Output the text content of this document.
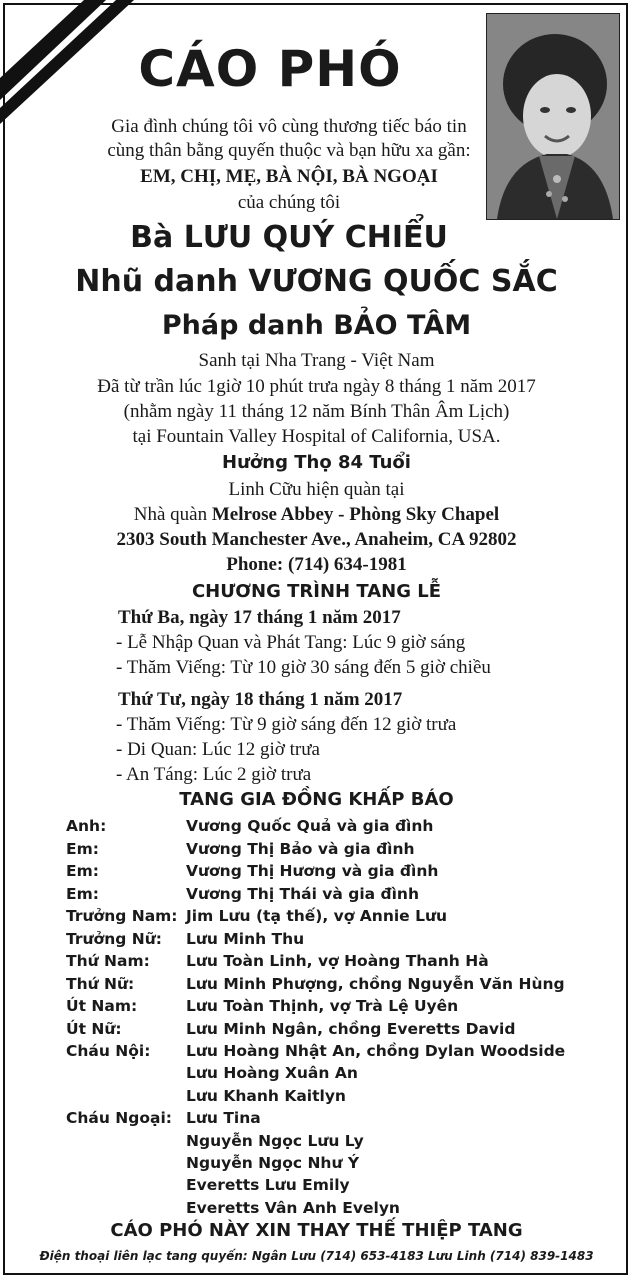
CÁO PHÓ
Gia đình chúng tôi vô cùng thương tiếc báo tin
cùng thân bằng quyến thuộc và bạn hữu xa gần:
EM, CHỊ, MẸ, BÀ NỘI, BÀ NGOẠI
của chúng tôi
Bà LƯU QUÝ CHIỂU
Nhũ danh VƯƠNG QUỐC SẮC
Pháp danh BẢO TÂM
Sanh tại Nha Trang - Việt Nam
Đã từ trần lúc 1giờ 10 phút trưa ngày 8 tháng 1 năm 2017
(nhằm ngày 11 tháng 12 năm Bính Thân Âm Lịch)
tại Fountain Valley Hospital of California, USA.
Hưởng Thọ 84 Tuổi
Linh Cữu hiện quàn tại
Nhà quàn Melrose Abbey - Phòng Sky Chapel
2303 South Manchester Ave., Anaheim, CA 92802
Phone: (714) 634-1981
CHƯƠNG TRÌNH TANG LỄ
Thứ Ba, ngày 17 tháng 1 năm 2017
- Lễ Nhập Quan và Phát Tang: Lúc 9 giờ sáng
- Thăm Viếng: Từ 10 giờ 30 sáng đến 5 giờ chiều
Thứ Tư, ngày 18 tháng 1 năm 2017
- Thăm Viếng: Từ 9 giờ sáng đến 12 giờ trưa
- Di Quan: Lúc 12 giờ trưa
- An Táng: Lúc 2 giờ trưa
TANG GIA ĐỒNG KHẤP BÁO
Anh:	Vương Quốc Quả và gia đình
Em:	Vương Thị Bảo và gia đình
Em:	Vương Thị Hương và gia đình
Em:	Vương Thị Thái và gia đình
Trưởng Nam: Jim Lưu (tạ thế), vợ Annie Lưu
Trưởng Nữ: Lưu Minh Thu
Thứ Nam: Lưu Toàn Linh, vợ Hoàng Thanh Hà
Thứ Nữ:	Lưu Minh Phượng, chồng Nguyễn Văn Hùng
Út Nam:	Lưu Toàn Thịnh, vợ Trà Lệ Uyên
Út Nữ:	Lưu Minh Ngân, chồng Everetts David
Cháu Nội: Lưu Hoàng Nhật An, chồng Dylan Woodside
Lưu Hoàng Xuân An
Lưu Khanh Kaitlyn
Cháu Ngoại: Lưu Tina
Nguyễn Ngọc Lưu Ly
Nguyễn Ngọc Như Ý
Everetts Lưu Emily
Everetts Vân Anh Evelyn
CÁO PHÓ NÀY XIN THAY THẾ THIỆP TANG
Điện thoại liên lạc tang quyến: Ngân Lưu (714) 653-4183 Lưu Linh (714) 839-1483
